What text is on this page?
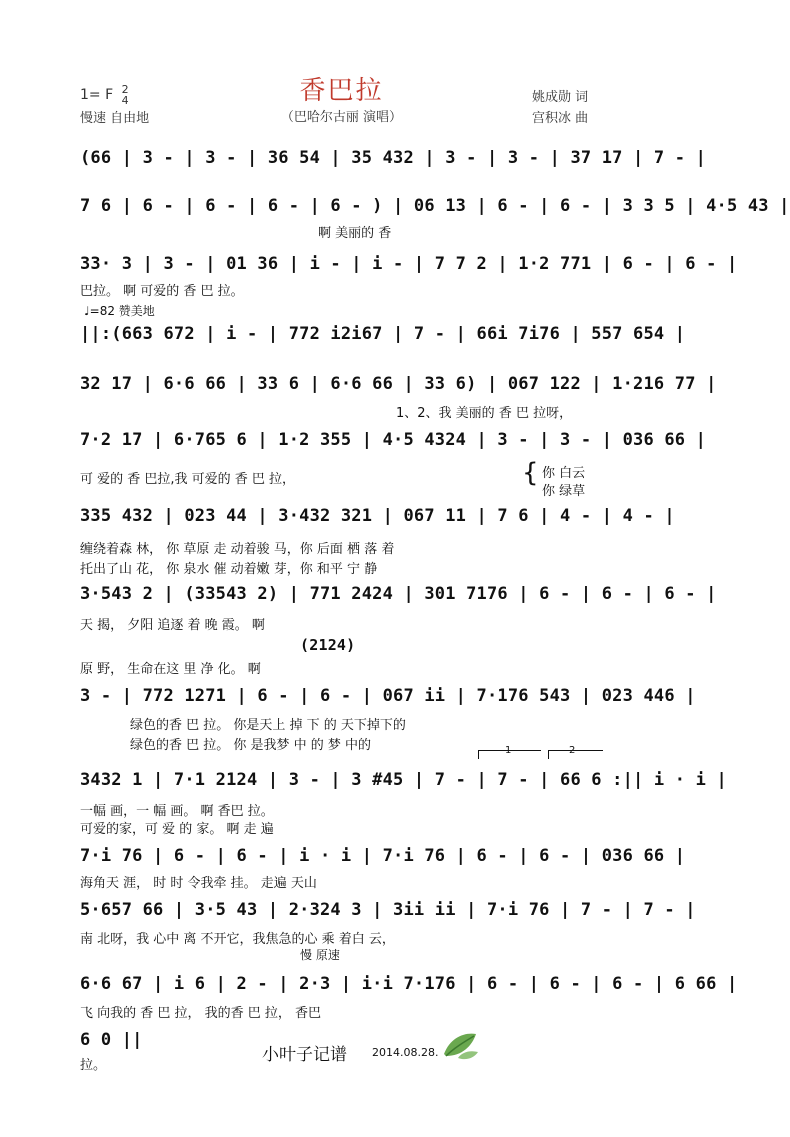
香巴拉
（巴哈尔古丽 演唱）
1= F 2
4
慢速 自由地
姚成勋 词
宫积冰 曲
(66 | 3 - | 3 - | 36 54 | 35 432 | 3 - | 3 - | 37 17 | 7 - |
7 6 | 6 - | 6 - | 6 - | 6 - ) | 06 13 | 6 - | 6 - | 3 3 5 | 4·5 43 |
啊 美丽的 香
33· 3 | 3 - | 01 36 | i - | i - | 7 7 2 | 1·2 771 | 6 - | 6 - |
巴拉。 啊 可爱的 香 巴 拉。
♩=82 赞美地
||:(663 672 | i - | 772 i2i67 | 7 - | 66i 7i76 | 557 654 |
32 17 | 6·6 66 | 33 6 | 6·6 66 | 33 6) | 067 122 | 1·216 77 |
1、2、我 美丽的 香 巴 拉呀，
7·2 17 | 6·765 6 | 1·2 355 | 4·5 4324 | 3 - | 3 - | 036 66 |
可 爱的 香 巴拉,我 可爱的 香 巴 拉，	{ 你 白云
你 绿草
335 432 | 023 44 | 3·432 321 | 067 11 | 7 6 | 4 - | 4 - |
缠绕着森 林， 你 草原 走 动着骏 马，你 后面 栖 落 着
托出了山 花， 你 泉水 催 动着嫩 芽，你 和平 宁 静
3·543 2 | (33543 2) | 771 2424 | 301 7176 | 6 - | 6 - | 6 - |
天 揭， 夕阳 追逐 着 晚 霞。 啊
(2124)
原 野， 生命在这 里 净 化。 啊
3 - | 772 1271 | 6 - | 6 - | 067 ii | 7·176 543 | 023 446 |
绿色的香 巴 拉。 你是天上 掉 下 的 天下掉下的
绿色的香 巴 拉。 你 是我梦 中 的 梦 中的	1	2
3432 1 | 7·1 2124 | 3 - | 3 #45 | 7 - | 7 - | 66 6 :|| i · i |
一幅 画，一 幅 画。 啊 香巴 拉。
可爱的家，可 爱 的 家。 啊 走 遍
7·i 76 | 6 - | 6 - | i · i | 7·i 76 | 6 - | 6 - | 036 66 |
海角天 涯， 时 时 令我牵 挂。 走遍 天山
5·657 66 | 3·5 43 | 2·324 3 | 3ii ii | 7·i 76 | 7 - | 7 - |
南 北呀，我 心中 离 不开它，我焦急的心 乘 着白 云，
慢 原速
6·6 67 | i 6 | 2 - | 2·3 | i·i 7·176 | 6 - | 6 - | 6 - | 6 66 |
飞 向我的 香 巴 拉， 我的香 巴 拉， 香巴
6 0 ||
拉。
小叶子记谱 2014.08.28.
